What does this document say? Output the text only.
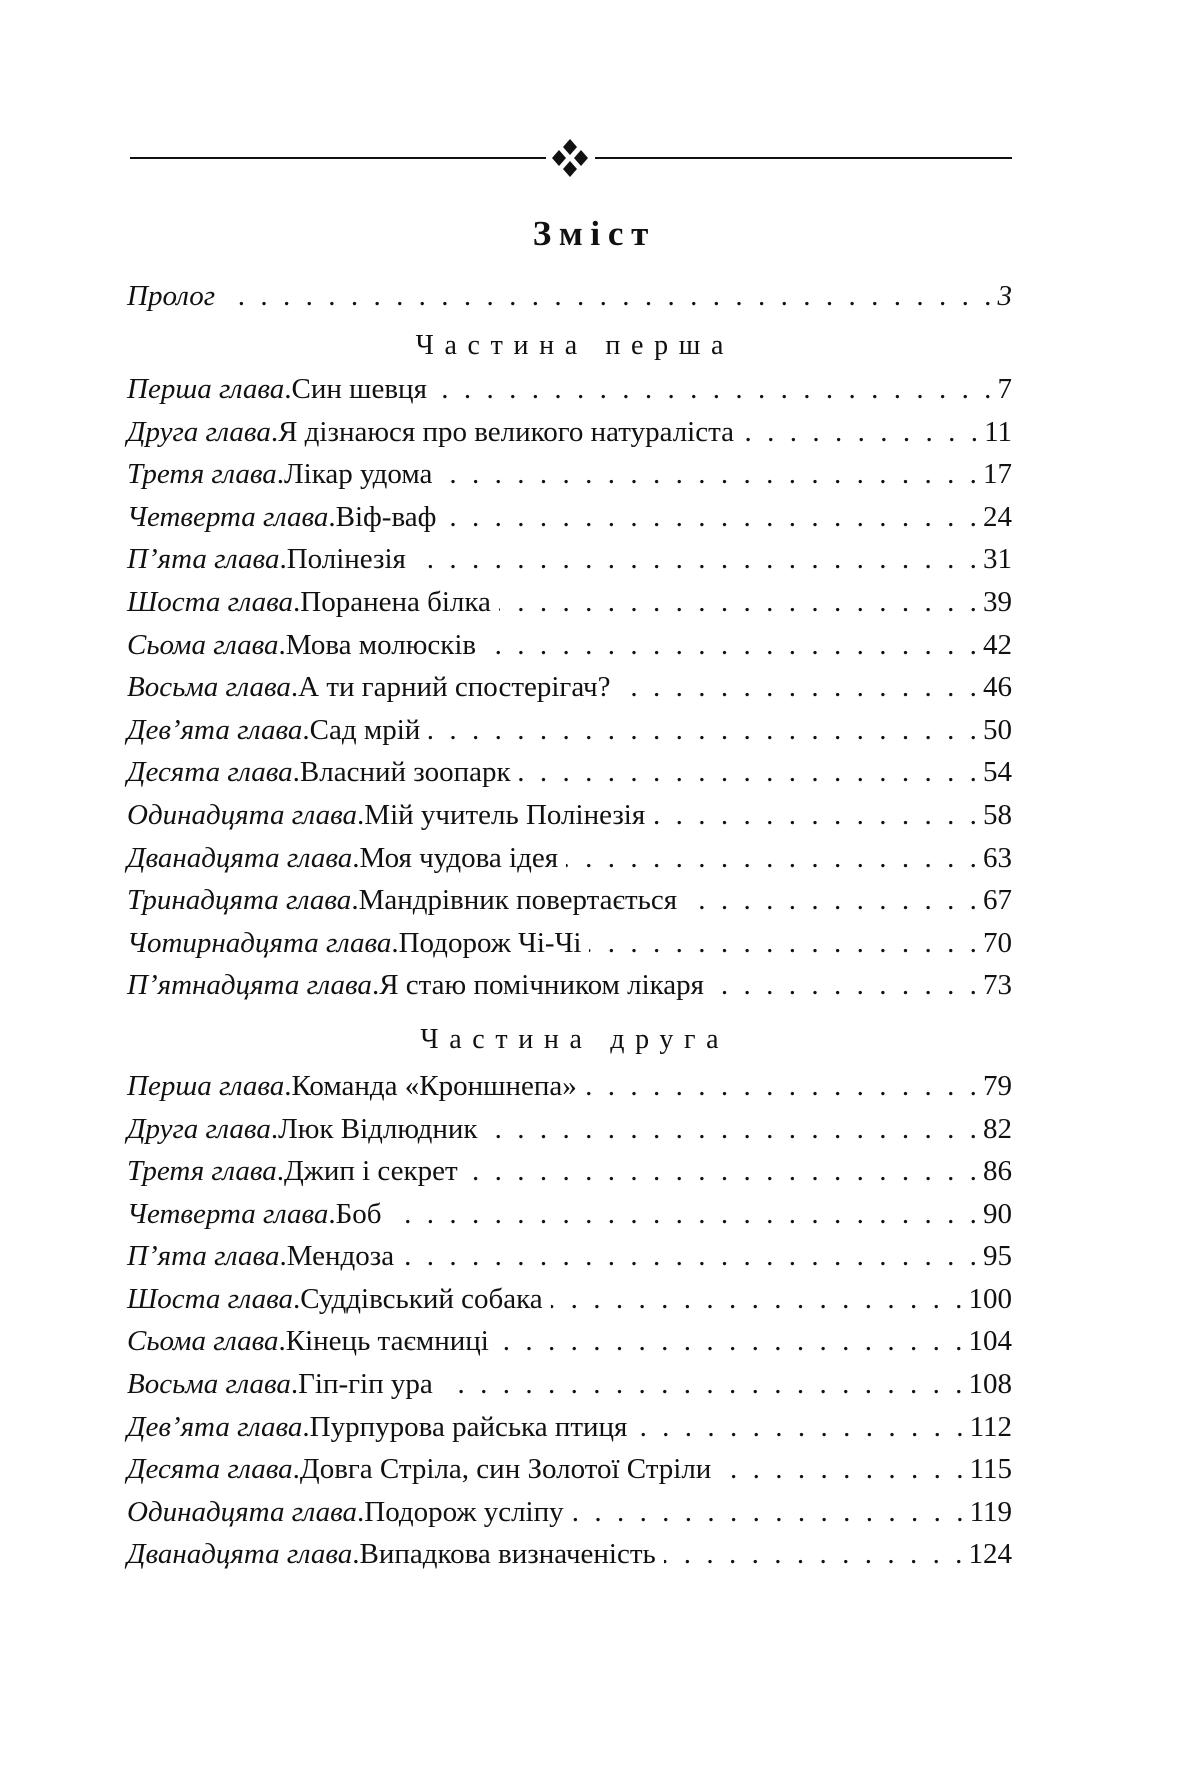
Зміст
Пролог . . .	3
Частина перша
Перша глава . Син шевця . . .	7
Друга глава . Я дізнаюся про великого натураліста . . .	11
Третя глава . Лікар удома . . .	17
Четверта глава . Віф-ваф . . .	24
П’ята глава . Полінезія . . .	31
Шоста глава . Поранена білка . . .	39
Сьома глава . Мова молюсків . . .	42
Восьма глава . А ти гарний спостерігач? . . .	46
Дев’ята глава . Сад мрій . . .	50
Десята глава . Власний зоопарк . . .	54
Одинадцята глава . Мій учитель Полінезія . . .	58
Дванадцята глава . Моя чудова ідея . . .	63
Тринадцята глава . Мандрівник повертається . . .	67
Чотирнадцята глава . Подорож Чі-Чі . . .	70
П’ятнадцята глава . Я стаю помічником лікаря . . .	73
Частина друга
Перша глава . Команда «Кроншнепа» . . .	79
Друга глава . Люк Відлюдник . . .	82
Третя глава . Джип і секрет . . .	86
Четверта глава . Боб . . .	90
П’ята глава . Мендоза . . .	95
Шоста глава . Суддівський собака . . .	100
Сьома глава . Кінець таємниці . . .	104
Восьма глава . Гіп-гіп ура . . .	108
Дев’ята глава . Пурпурова райська птиця . . .	112
Десята глава . Довга Стріла, син Золотої Стріли . . .	115
Одинадцята глава . Подорож усліпу . . .	119
Дванадцята глава . Випадкова визначеність . . .	124
